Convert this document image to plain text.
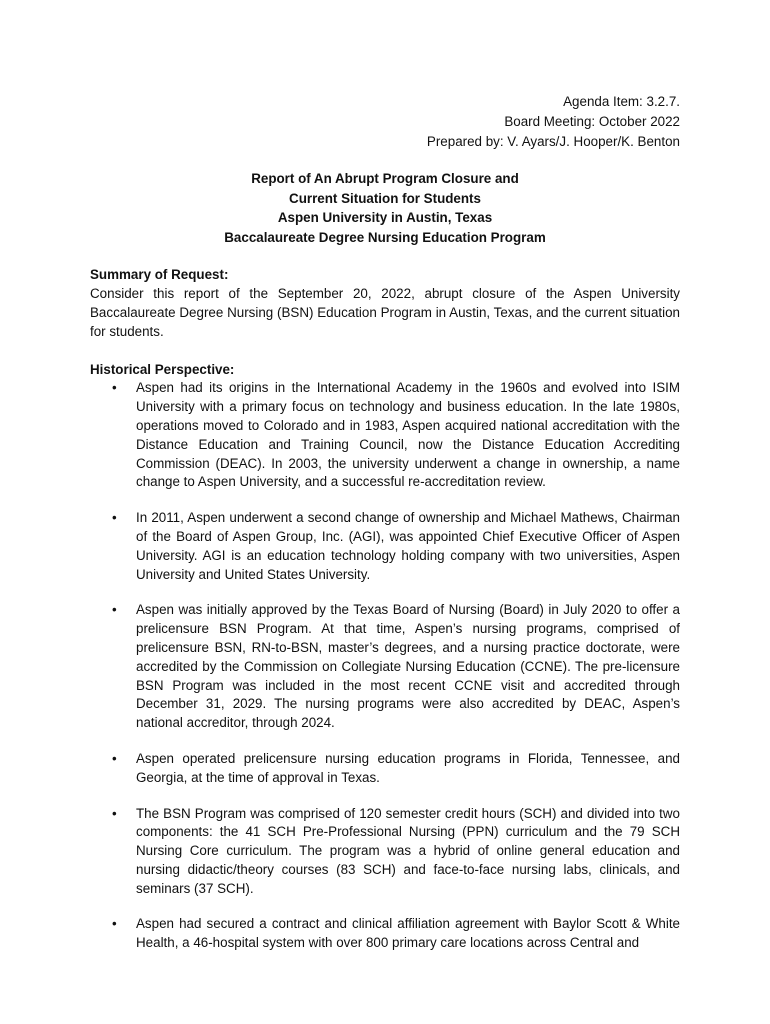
Agenda Item: 3.2.7.
Board Meeting: October 2022
Prepared by: V. Ayars/J. Hooper/K. Benton
Report of An Abrupt Program Closure and
Current Situation for Students
Aspen University in Austin, Texas
Baccalaureate Degree Nursing Education Program
Summary of Request:
Consider this report of the September 20, 2022, abrupt closure of the Aspen University Baccalaureate Degree Nursing (BSN) Education Program in Austin, Texas, and the current situation for students.
Historical Perspective:
• Aspen had its origins in the International Academy in the 1960s and evolved into ISIM University with a primary focus on technology and business education. In the late 1980s, operations moved to Colorado and in 1983, Aspen acquired national accreditation with the Distance Education and Training Council, now the Distance Education Accrediting Commission (DEAC). In 2003, the university underwent a change in ownership, a name change to Aspen University, and a successful re-accreditation review.
• In 2011, Aspen underwent a second change of ownership and Michael Mathews, Chairman of the Board of Aspen Group, Inc. (AGI), was appointed Chief Executive Officer of Aspen University. AGI is an education technology holding company with two universities, Aspen University and United States University.
• Aspen was initially approved by the Texas Board of Nursing (Board) in July 2020 to offer a prelicensure BSN Program. At that time, Aspen’s nursing programs, comprised of prelicensure BSN, RN-to-BSN, master’s degrees, and a nursing practice doctorate, were accredited by the Commission on Collegiate Nursing Education (CCNE). The pre-licensure BSN Program was included in the most recent CCNE visit and accredited through December 31, 2029. The nursing programs were also accredited by DEAC, Aspen’s national accreditor, through 2024.
• Aspen operated prelicensure nursing education programs in Florida, Tennessee, and Georgia, at the time of approval in Texas.
• The BSN Program was comprised of 120 semester credit hours (SCH) and divided into two components: the 41 SCH Pre-Professional Nursing (PPN) curriculum and the 79 SCH Nursing Core curriculum. The program was a hybrid of online general education and nursing didactic/theory courses (83 SCH) and face-to-face nursing labs, clinicals, and seminars (37 SCH).
• Aspen had secured a contract and clinical affiliation agreement with Baylor Scott & White Health, a 46-hospital system with over 800 primary care locations across Central and
